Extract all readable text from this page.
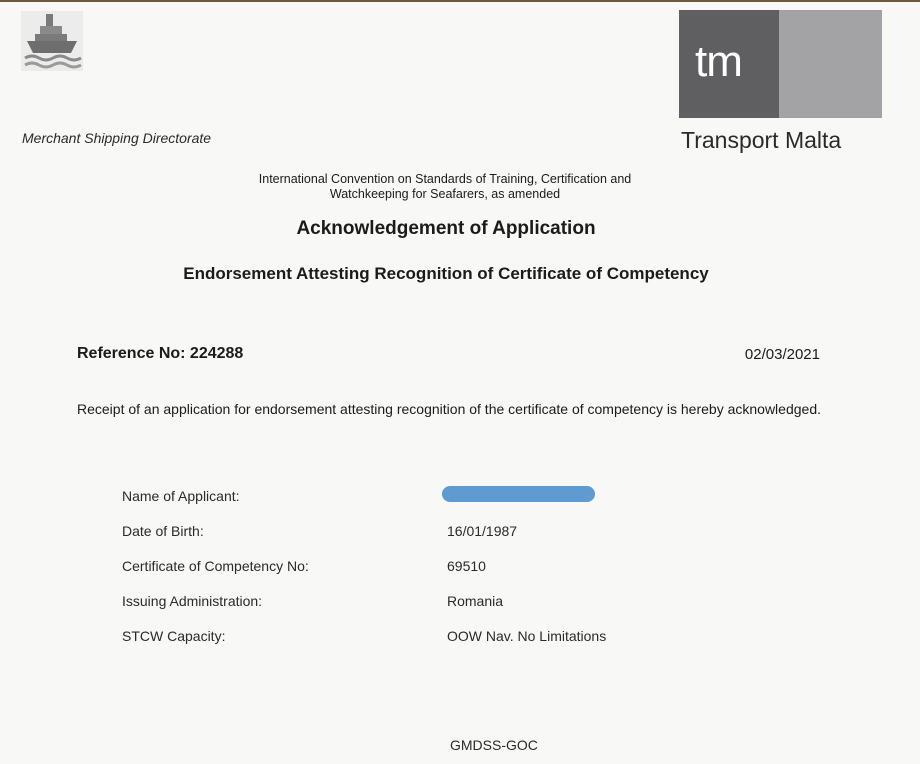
tm
Transport Malta
Merchant Shipping Directorate
International Convention on Standards of Training, Certification and
Watchkeeping for Seafarers, as amended
Acknowledgement of Application
Endorsement Attesting Recognition of Certificate of Competency
Reference No: 224288	02/03/2021
Receipt of an application for endorsement attesting recognition of the certificate of competency is hereby acknowledged.
Name of Applicant:
Date of Birth:	16/01/1987
Certificate of Competency No:	69510
Issuing Administration:	Romania
STCW Capacity:	OOW Nav. No Limitations
GMDSS-GOC
